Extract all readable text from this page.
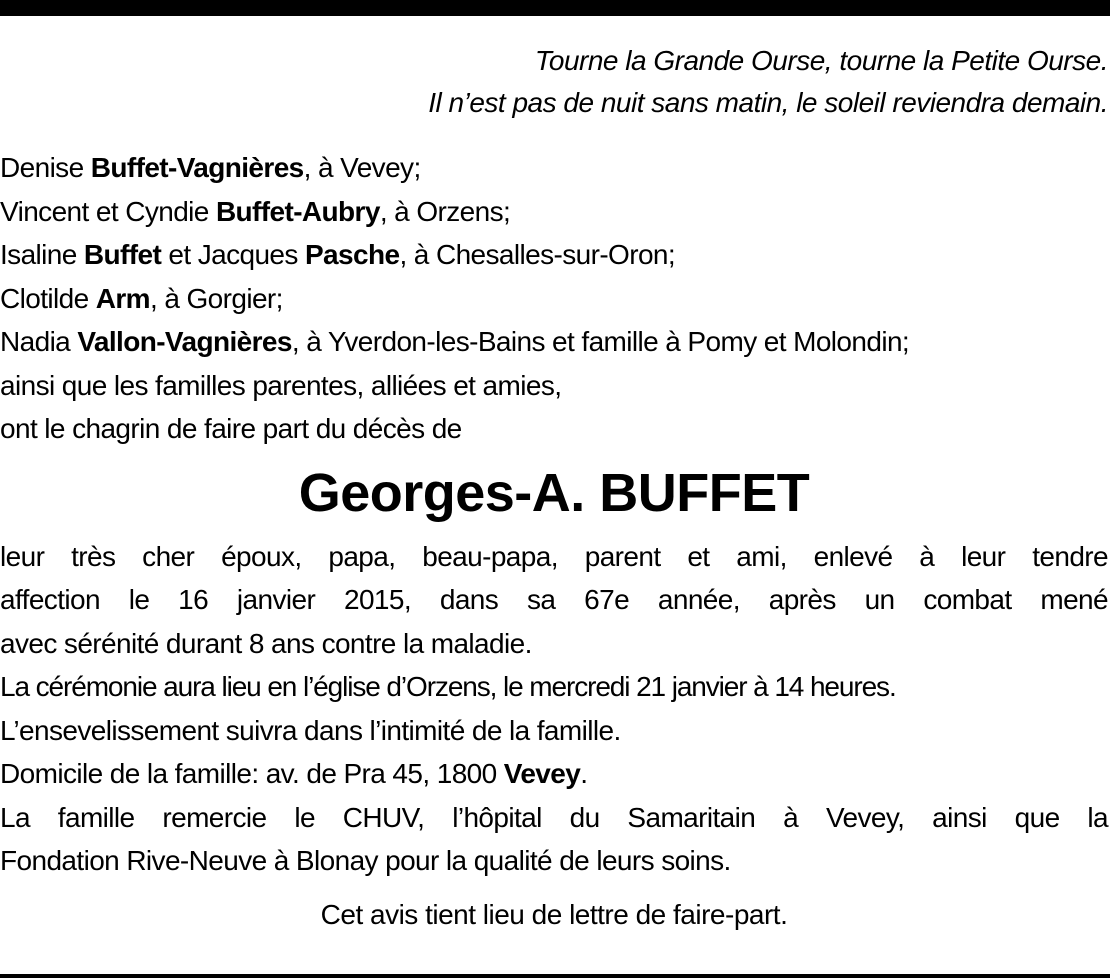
Tourne la Grande Ourse, tourne la Petite Ourse.
Il n’est pas de nuit sans matin, le soleil reviendra demain.
Denise Buffet-Vagnières, à Vevey;
Vincent et Cyndie Buffet-Aubry, à Orzens;
Isaline Buffet et Jacques Pasche, à Chesalles-sur-Oron;
Clotilde Arm, à Gorgier;
Nadia Vallon-Vagnières, à Yverdon-les-Bains et famille à Pomy et Molondin;
ainsi que les familles parentes, alliées et amies,
ont le chagrin de faire part du décès de
Georges-A. BUFFET
leur très cher époux, papa, beau-papa, parent et ami, enlevé à leur tendre
affection le 16 janvier 2015, dans sa 67e année, après un combat mené
avec sérénité durant 8 ans contre la maladie.
La cérémonie aura lieu en l’église d’Orzens, le mercredi 21 janvier à 14 heures.
L’ensevelissement suivra dans l’intimité de la famille.
Domicile de la famille: av. de Pra 45, 1800 Vevey.
La famille remercie le CHUV, l’hôpital du Samaritain à Vevey, ainsi que la
Fondation Rive-Neuve à Blonay pour la qualité de leurs soins.
Cet avis tient lieu de lettre de faire-part.
